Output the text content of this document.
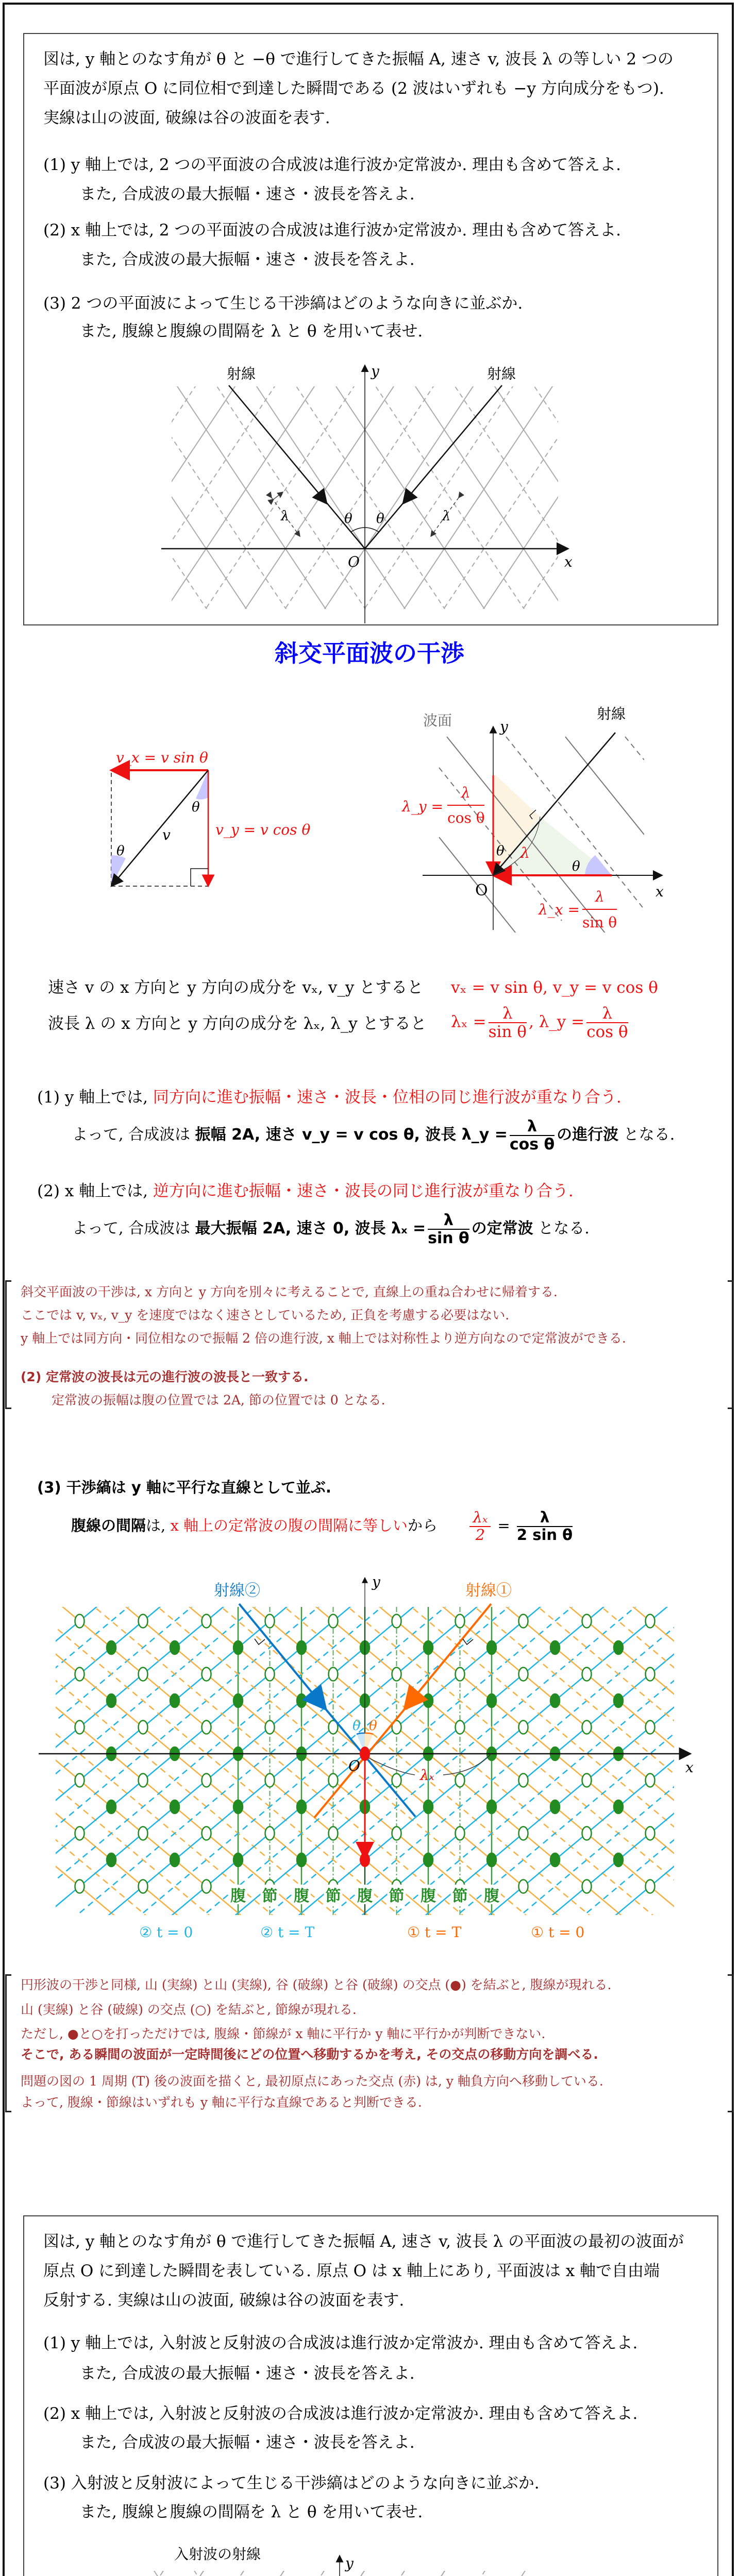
図は, y 軸とのなす角が θ と −θ で進行してきた振幅 A, 速さ v, 波長 λ の等しい 2 つの
平面波が原点 O に同位相で到達した瞬間である (2 波はいずれも −y 方向成分をもつ).
実線は山の波面, 破線は谷の波面を表す.
(1) y 軸上では, 2 つの平面波の合成波は進行波か定常波か. 理由も含めて答えよ.
また, 合成波の最大振幅・速さ・波長を答えよ.
(2) x 軸上では, 2 つの平面波の合成波は進行波か定常波か. 理由も含めて答えよ.
また, 合成波の最大振幅・速さ・波長を答えよ.
(3) 2 つの平面波によって生じる干渉縞はどのような向きに並ぶか.
また, 腹線と腹線の間隔を λ と θ を用いて表せ.
射線	射線
y
x
O
θ θ
λ	λ
斜交平面波の干渉
v_x = v sin θ
v_y = v cos θ
v
θ
θ
波面	射線
y
x
O
θ
θ
λ
λ_y =
λ
cos θ
λ_x =
λ
sin θ
速さ v の x 方向と y 方向の成分を vₓ, v_y とすると vₓ = v sin θ, v_y = v cos θ
波長 λ の x 方向と y 方向の成分を λₓ, λ_y とすると $\lambda_x = \frac{\lambda}{\text{sin θ}}$ , λ_y = $\frac{\lambda}{\text{cos θ}}$
(1) y 軸上では, 同方向に進む振幅・速さ・波長・位相の同じ進行波が重なり合う.
よって, 合成波は 振幅 2A, 速さ v_y = v cos θ, 波長 λ_y = $\frac{\lambda}{\text{cos θ}}$ の進行波 となる.
(2) x 軸上では, 逆方向に進む振幅・速さ・波長の同じ進行波が重なり合う.
よって, 合成波は 最大振幅 2A, 速さ 0, 波長 $\lambda_x = \frac{\lambda}{\text{sin θ}}$ の定常波 となる.
斜交平面波の干渉は, x 方向と y 方向を別々に考えることで, 直線上の重ね合わせに帰着する.
ここでは v, vₓ, v_y を速度ではなく速さとしているため, 正負を考慮する必要はない.
y 軸上では同方向・同位相なので振幅 2 倍の進行波, x 軸上では対称性より逆方向なので定常波ができる.
(2) 定常波の波長は元の進行波の波長と一致する.
定常波の振幅は腹の位置では 2A, 節の位置では 0 となる.
(3) 干渉縞は y 軸に平行な直線として並ぶ.
腹線の間隔は, x 軸上の定常波の腹の間隔に等しいから $\frac{\text{λₓ}}{2} = \frac{\lambda}{\text{2 sin θ}}$
射線②	射線①
y
x
O
θ θ
λₓ
腹 節 腹 節 腹 節 腹 節 腹
② t = 0	② t = T	① t = T	① t = 0
円形波の干渉と同様, 山 (実線) と山 (実線), 谷 (破線) と谷 (破線) の交点 (●) を結ぶと, 腹線が現れる.
山 (実線) と谷 (破線) の交点 (○) を結ぶと, 節線が現れる.
ただし, ●と○を打っただけでは, 腹線・節線が x 軸に平行か y 軸に平行かが判断できない.
そこで, ある瞬間の波面が一定時間後にどの位置へ移動するかを考え, その交点の移動方向を調べる.
問題の図の 1 周期 (T) 後の波面を描くと, 最初原点にあった交点 (赤) は, y 軸負方向へ移動している.
よって, 腹線・節線はいずれも y 軸に平行な直線であると判断できる.
図は, y 軸とのなす角が θ で進行してきた振幅 A, 速さ v, 波長 λ の平面波の最初の波面が
原点 O に到達した瞬間を表している. 原点 O は x 軸上にあり, 平面波は x 軸で自由端
反射する. 実線は山の波面, 破線は谷の波面を表す.
(1) y 軸上では, 入射波と反射波の合成波は進行波か定常波か. 理由も含めて答えよ.
また, 合成波の最大振幅・速さ・波長を答えよ.
(2) x 軸上では, 入射波と反射波の合成波は進行波か定常波か. 理由も含めて答えよ.
また, 合成波の最大振幅・速さ・波長を答えよ.
(3) 入射波と反射波によって生じる干渉縞はどのような向きに並ぶか.
また, 腹線と腹線の間隔を λ と θ を用いて表せ.
入射波の射線
y
